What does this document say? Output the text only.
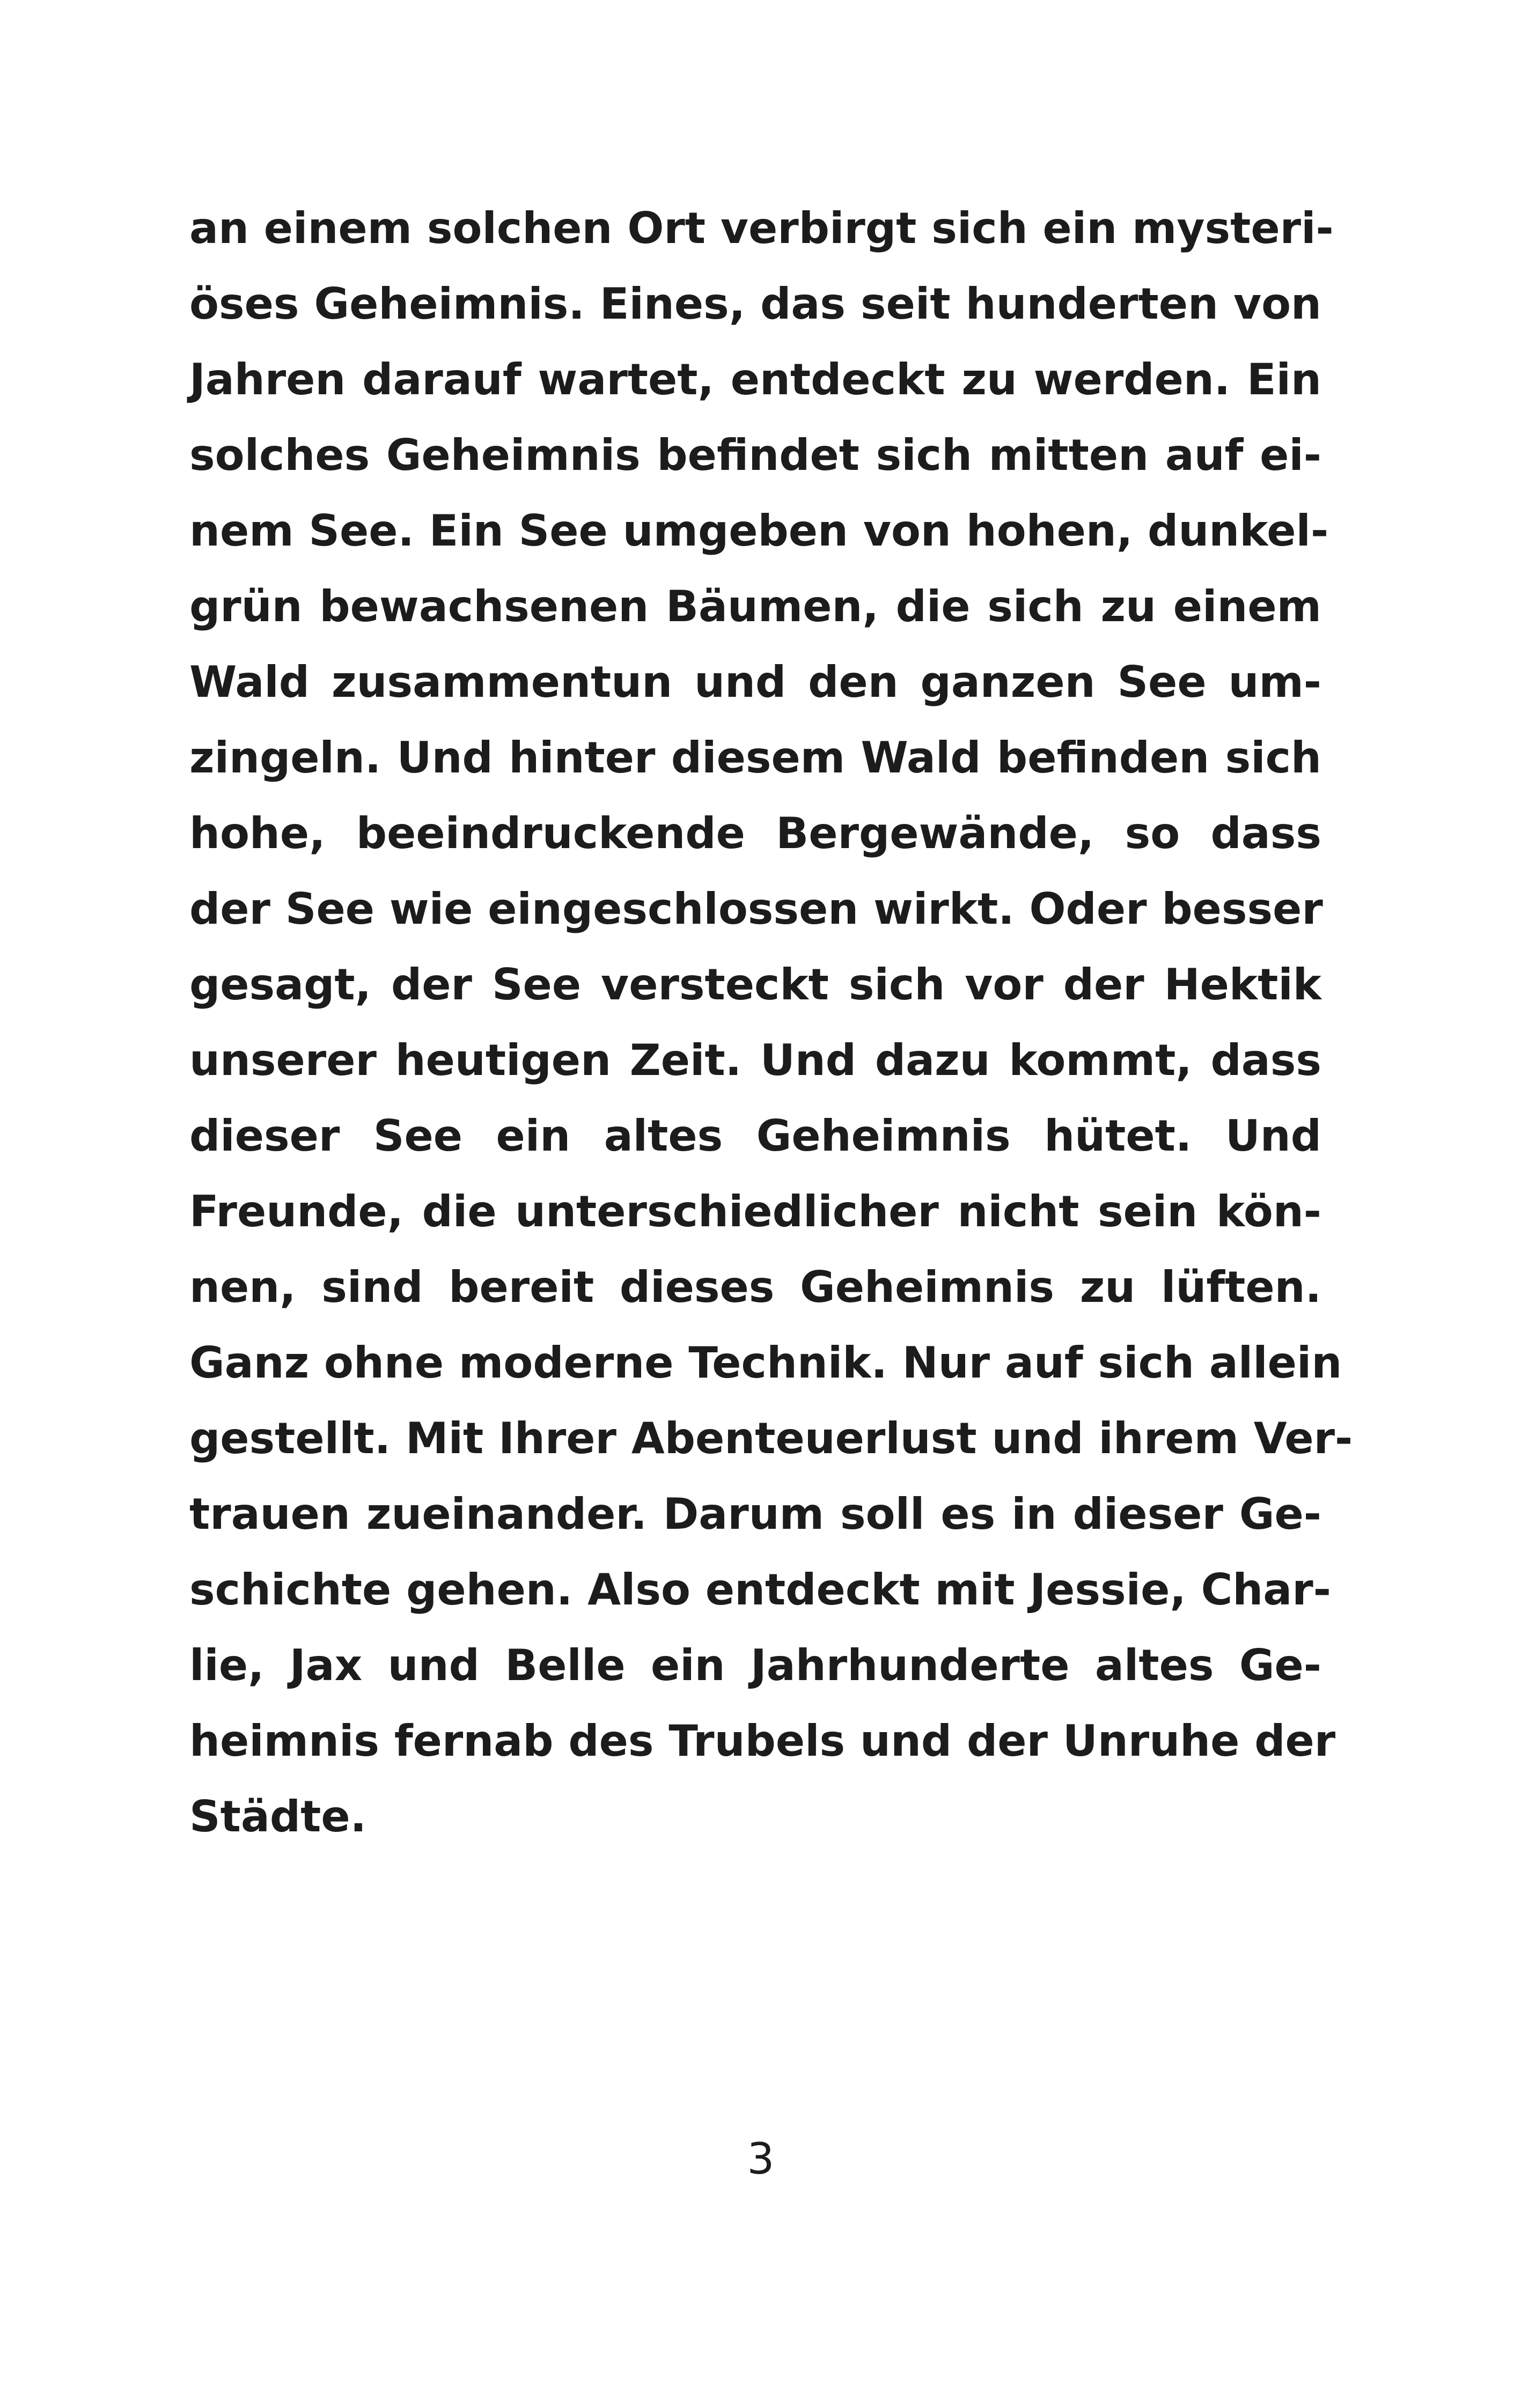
an einem solchen Ort verbirgt sich ein mysteri-
öses Geheimnis. Eines, das seit hunderten von
Jahren darauf wartet, entdeckt zu werden. Ein
solches Geheimnis befindet sich mitten auf ei-
nem See. Ein See umgeben von hohen, dunkel-
grün bewachsenen Bäumen, die sich zu einem
Wald zusammentun und den ganzen See um-
zingeln. Und hinter diesem Wald befinden sich
hohe, beeindruckende Bergewände, so dass
der See wie eingeschlossen wirkt. Oder besser
gesagt, der See versteckt sich vor der Hektik
unserer heutigen Zeit. Und dazu kommt, dass
dieser See ein altes Geheimnis hütet. Und
Freunde, die unterschiedlicher nicht sein kön-
nen, sind bereit dieses Geheimnis zu lüften.
Ganz ohne moderne Technik. Nur auf sich allein
gestellt. Mit Ihrer Abenteuerlust und ihrem Ver-
trauen zueinander. Darum soll es in dieser Ge-
schichte gehen. Also entdeckt mit Jessie, Char-
lie, Jax und Belle ein Jahrhunderte altes Ge-
heimnis fernab des Trubels und der Unruhe der
Städte.
3
